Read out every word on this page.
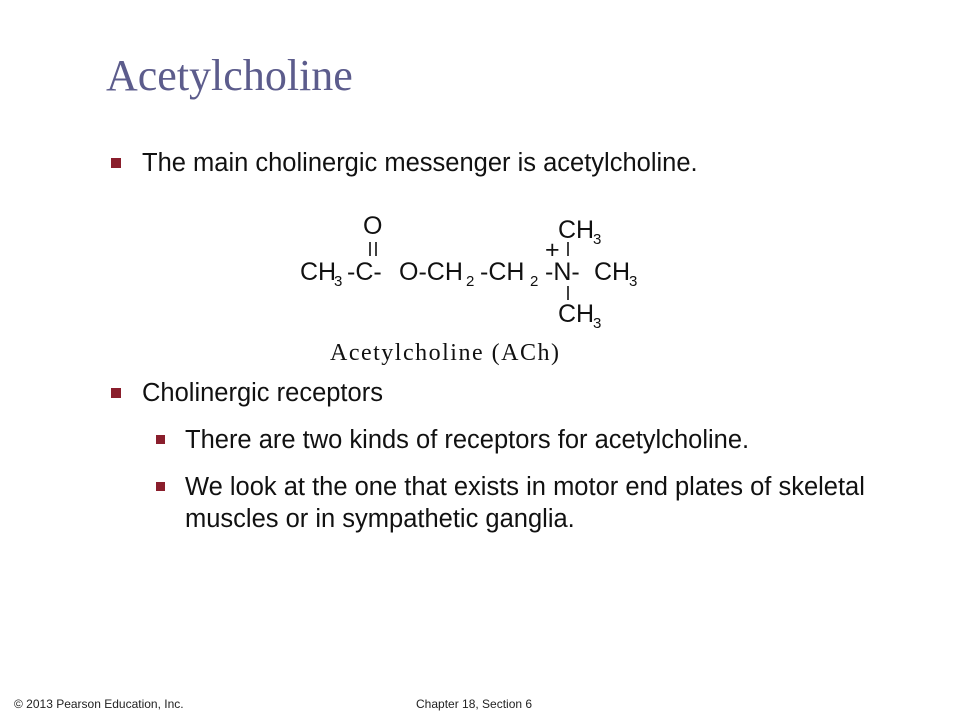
Acetylcholine
The main cholinergic messenger is acetylcholine.
CH
3 -C- O-CH 2 -CH 2 -N- CH
3
O	CH
3
+
CH
3
Acetylcholine (ACh)
Cholinergic receptors
There are two kinds of receptors for acetylcholine.
We look at the one that exists in motor end plates of skeletal muscles or in sympathetic ganglia.
© 2013 Pearson Education, Inc.	Chapter 18, Section 6
